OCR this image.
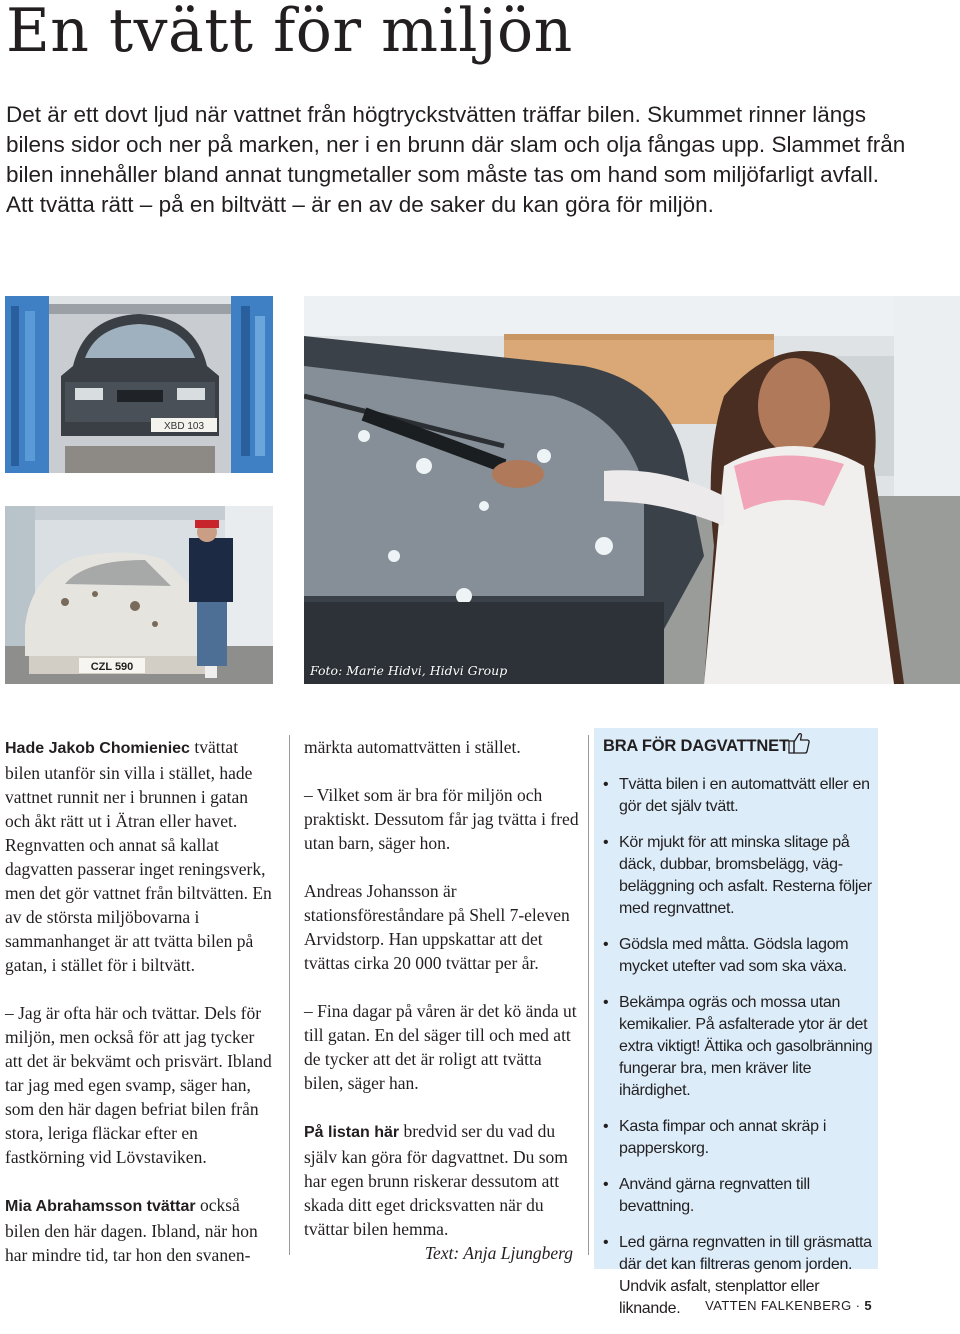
En tvätt för miljön

Det är ett dovt ljud när vattnet från högtryckstvätten träffar bilen. Skummet rinner längs bilens sidor och ner på marken, ner i en brunn där slam och olja fångas upp. Slammet från bilen innehåller bland annat tungmetaller som måste tas om hand som miljöfarligt avfall. Att tvätta rätt – på en biltvätt – är en av de saker du kan göra för miljön.

XBD 103
CZL 590	Foto: Marie Hidvi, Hidvi Group

Hade Jakob Chomieniec tvättat bilen utanför sin villa i stället, hade vattnet runnit ner i brunnen i gatan och åkt rätt ut i Ätran eller havet. Regnvatten och annat så kallat dagvatten passerar inget reningsverk, men det gör vattnet från biltvätten. En av de största miljöbovarna i sammanhanget är att tvätta bilen på gatan, i stället för i biltvätt.

– Jag är ofta här och tvättar. Dels för miljön, men också för att jag tycker att det är bekvämt och prisvärt. Ibland tar jag med egen svamp, säger han, som den här dagen befriat bilen från stora, leriga fläckar efter en fastkörning vid Lövstaviken.

Mia Abrahamsson tvättar också bilen den här dagen. Ibland, när hon har mindre tid, tar hon den svanen-

märkta automattvätten i stället.

– Vilket som är bra för miljön och praktiskt. Dessutom får jag tvätta i fred utan barn, säger hon.

Andreas Johansson är stationsföreståndare på Shell 7-eleven Arvidstorp. Han uppskattar att det tvättas cirka 20 000 tvättar per år.

– Fina dagar på våren är det kö ända ut till gatan. En del säger till och med att de tycker att det är roligt att tvätta bilen, säger han.

På listan här bredvid ser du vad du själv kan göra för dagvattnet. Du som har egen brunn riskerar dessutom att skada ditt eget dricksvatten när du tvättar bilen hemma.

Text: Anja Ljungberg
BRA FÖR DAGVATTNET
• Tvätta bilen i en automattvätt eller en gör det själv tvätt.
• Kör mjukt för att minska slitage på däck, dubbar, bromsbelägg, väg-beläggning och asfalt. Resterna följer med regnvattnet.
• Gödsla med måtta. Gödsla lagom mycket utefter vad som ska växa.
• Bekämpa ogräs och mossa utan kemikalier. På asfalterade ytor är det extra viktigt! Ättika och gasolbränning fungerar bra, men kräver lite ihärdighet.
• Kasta fimpar och annat skräp i papperskorg.
• Använd gärna regnvatten till bevattning.
• Led gärna regnvatten in till gräsmatta där det kan filtreras genom jorden. Undvik asfalt, stenplattor eller liknande.	VATTEN FALKENBERG · 5
